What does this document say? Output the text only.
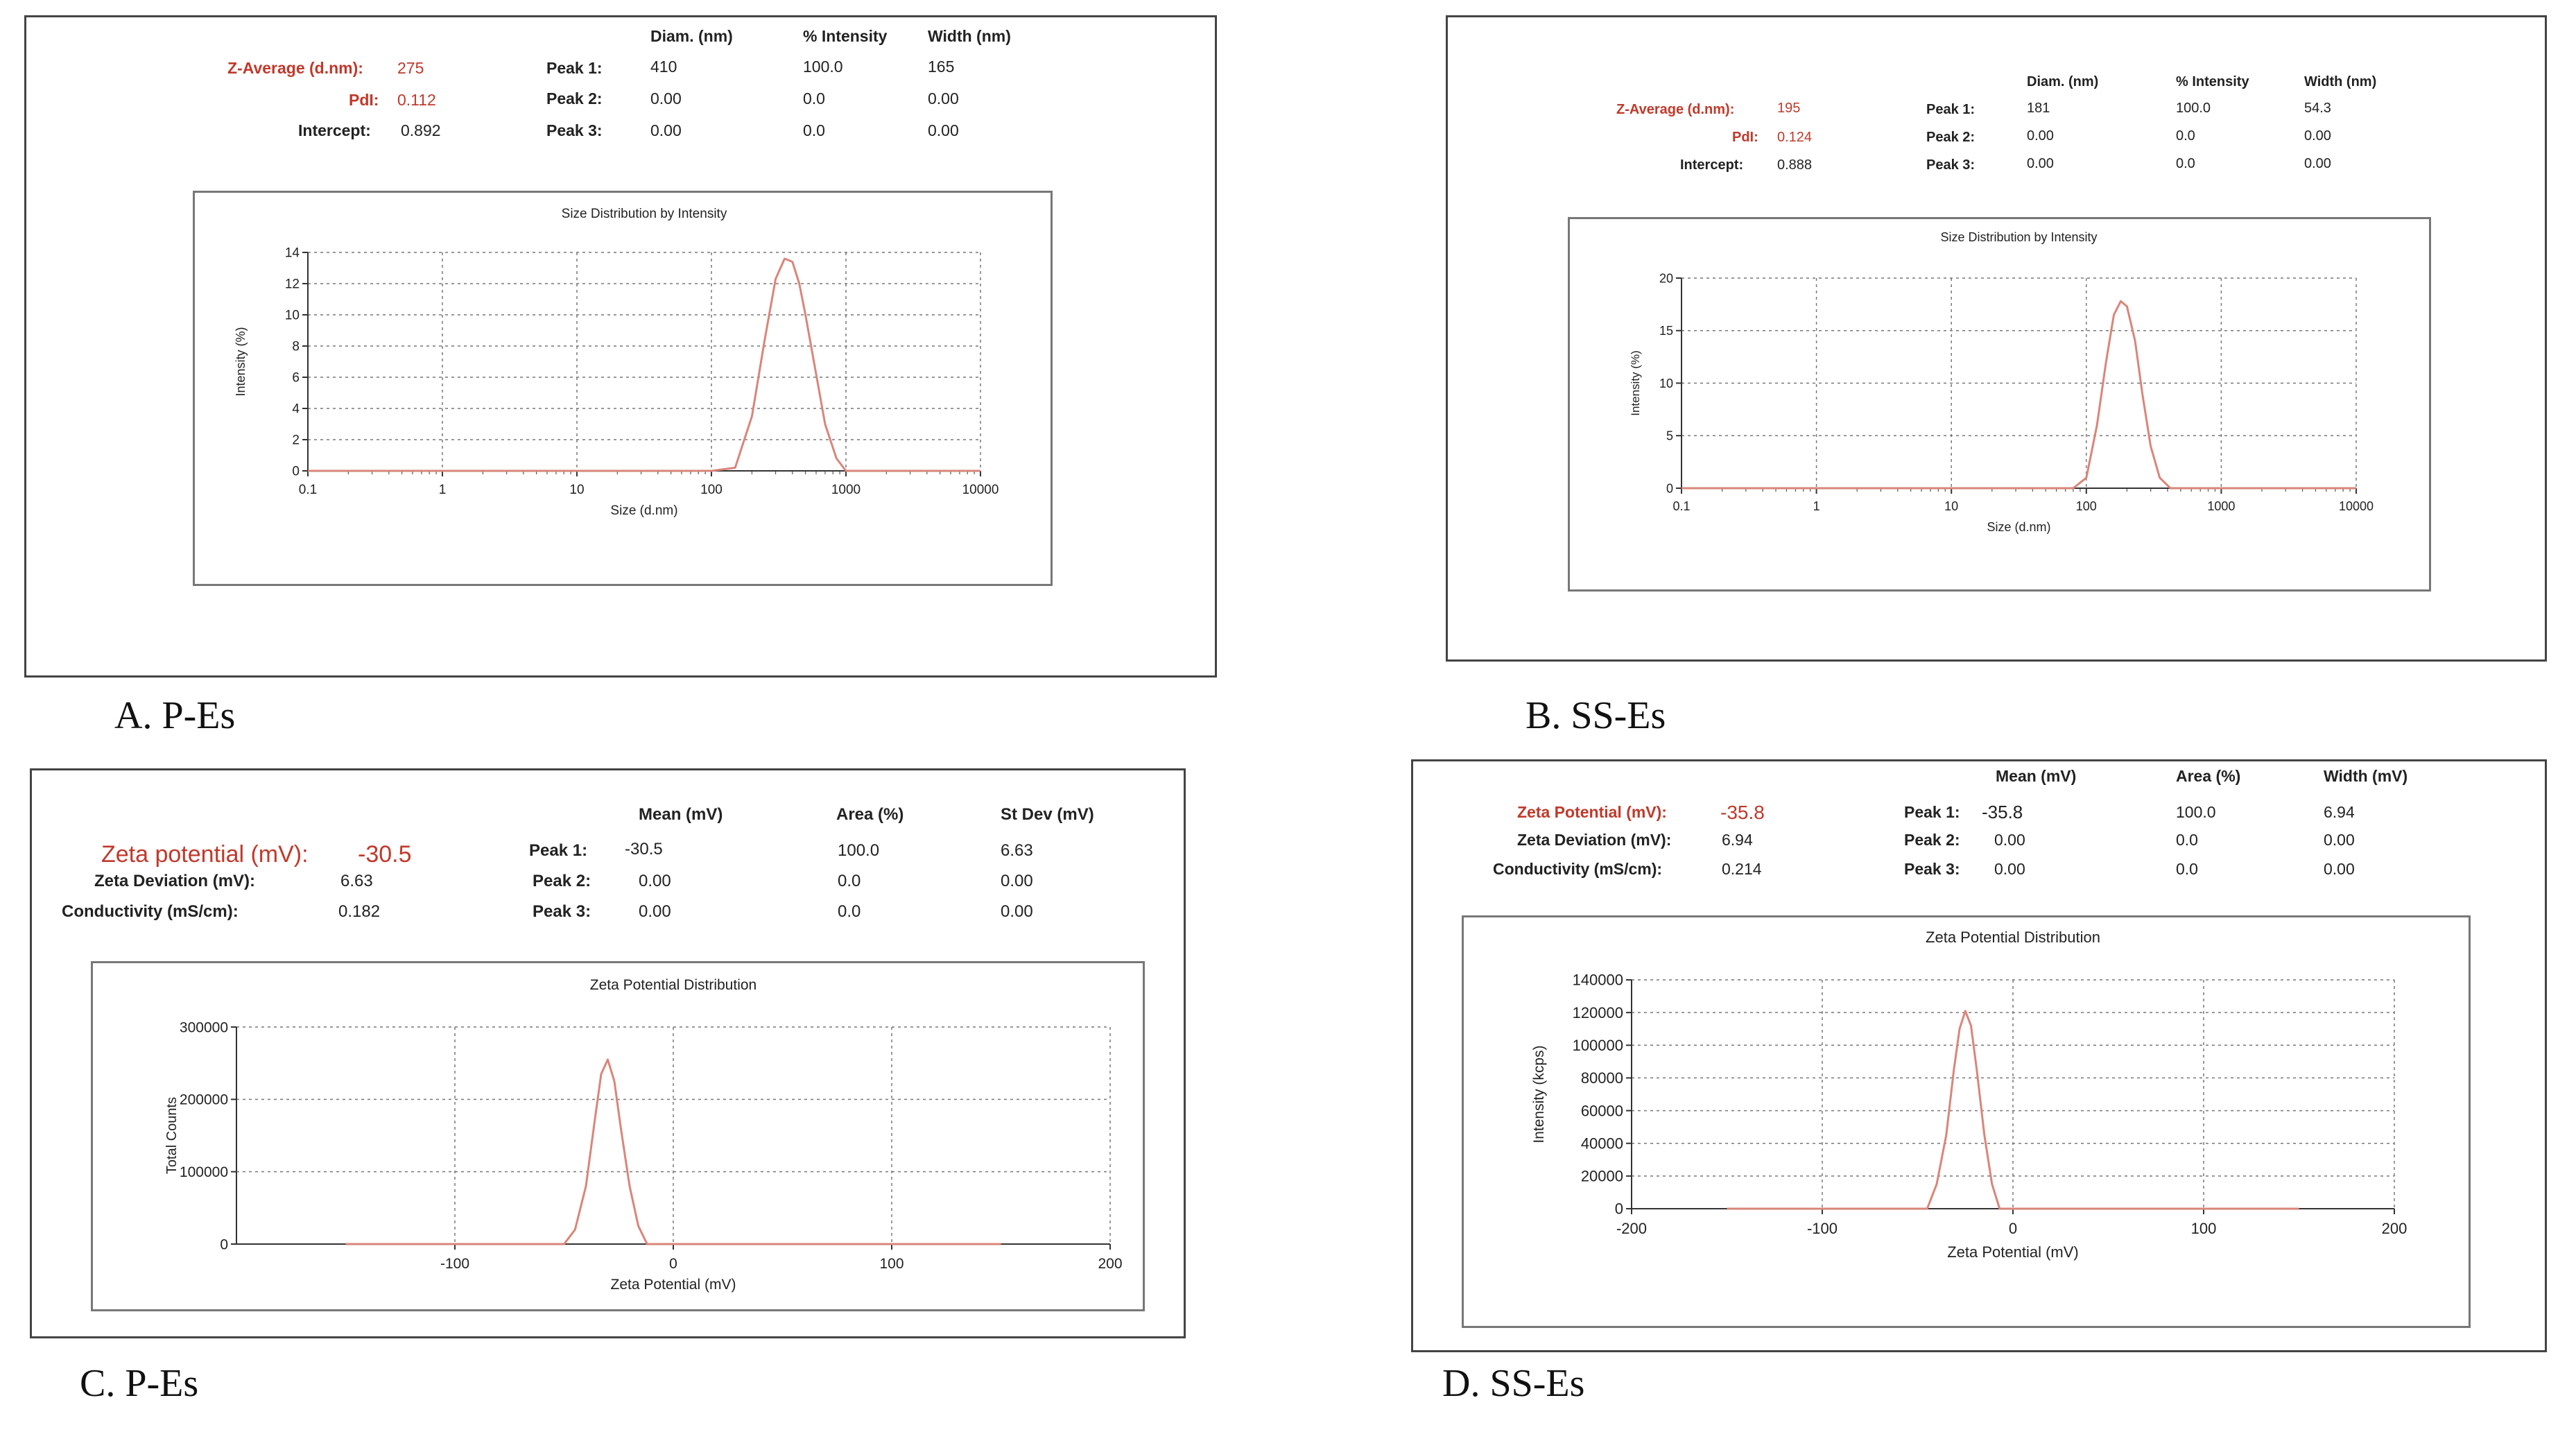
Z-Average (d.nm): 275
PdI: 0.112
Intercept: 0.892
Diam. (nm)	% Intensity	Width (nm)
Peak 1:	410	100.0	165
Peak 2:	0.00	0.0	0.00
Peak 3:	0.00	0.0	0.00
Size Distribution by Intensity
0
2
4
6
8
10
12
14
0.1	1	10	100	1000	10000
Size (d.nm)
Intensity (%)
A. P-Es
Z-Average (d.nm):	195
PdI: 0.124
Intercept: 0.888
Diam. (nm)	% Intensity	Width (nm)
Peak 1:	181	100.0	54.3
Peak 2:	0.00	0.0	0.00
Peak 3:	0.00	0.0	0.00
Size Distribution by Intensity
0
5
10
15
20
0.1	1	10	100	1000	10000
Size (d.nm)
Intensity (%)
B. SS-Es
Zeta potential (mV): -30.5
Zeta Deviation (mV):	6.63
Conductivity (mS/cm):	0.182
Mean (mV)	Area (%)	St Dev (mV)
Peak 1: -30.5	100.0	6.63
Peak 2:	0.00	0.0	0.00
Peak 3:	0.00	0.0	0.00
Zeta Potential Distribution
0
100000
200000
300000
-100	0	100	200
Zeta Potential (mV)
Total Counts
C. P-Es
Zeta Potential (mV):	-35.8
Zeta Deviation (mV):	6.94
Conductivity (mS/cm):	0.214
Mean (mV)	Area (%)	Width (mV)
Peak 1: -35.8	100.0	6.94
Peak 2: 0.00	0.0	0.00
Peak 3: 0.00	0.0	0.00
Zeta Potential Distribution
0
20000
40000
60000
80000
100000
120000
140000
-200	-100	0	100	200
Zeta Potential (mV)
Intensity (kcps)
D. SS-Es
